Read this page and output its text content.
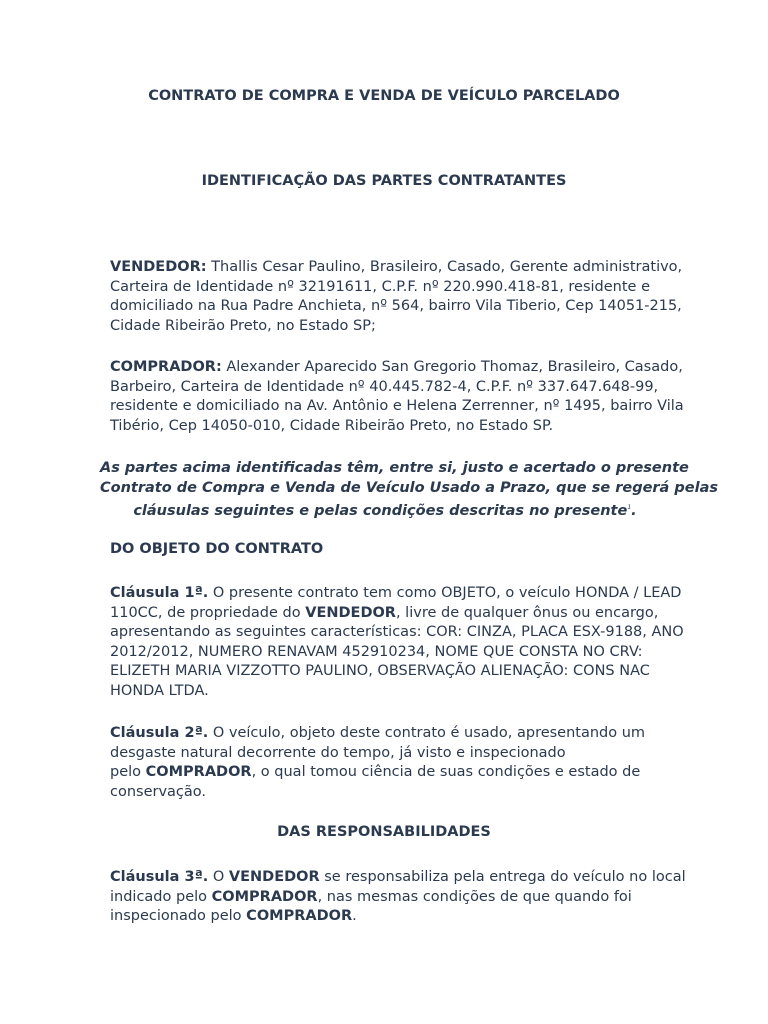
CONTRATO DE COMPRA E VENDA DE VEÍCULO PARCELADO
IDENTIFICAÇÃO DAS PARTES CONTRATANTES
VENDEDOR: Thallis Cesar Paulino, Brasileiro, Casado, Gerente administrativo,
Carteira de Identidade nº 32191611, C.P.F. nº 220.990.418-81, residente e
domiciliado na Rua Padre Anchieta, nº 564, bairro Vila Tiberio, Cep 14051-215,
Cidade Ribeirão Preto, no Estado SP;
COMPRADOR: Alexander Aparecido San Gregorio Thomaz, Brasileiro, Casado,
Barbeiro, Carteira de Identidade nº 40.445.782-4, C.P.F. nº 337.647.648-99,
residente e domiciliado na Av. Antônio e Helena Zerrenner, nº 1495, bairro Vila
Tibério, Cep 14050-010, Cidade Ribeirão Preto, no Estado SP.
As partes acima identificadas têm, entre si, justo e acertado o presente
Contrato de Compra e Venda de Veículo Usado a Prazo, que se regerá pelas
cláusulas seguintes e pelas condições descritas no presente$^1$.
DO OBJETO DO CONTRATO
Cláusula 1ª. O presente contrato tem como OBJETO, o veículo HONDA / LEAD
110CC, de propriedade do VENDEDOR, livre de qualquer ônus ou encargo,
apresentando as seguintes características: COR: CINZA, PLACA ESX-9188, ANO
2012/2012, NUMERO RENAVAM 452910234, NOME QUE CONSTA NO CRV:
ELIZETH MARIA VIZZOTTO PAULINO, OBSERVAÇÃO ALIENAÇÃO: CONS NAC
HONDA LTDA.
Cláusula 2ª. O veículo, objeto deste contrato é usado, apresentando um
desgaste natural decorrente do tempo, já visto e inspecionado
pelo COMPRADOR, o qual tomou ciência de suas condições e estado de
conservação.
DAS RESPONSABILIDADES
Cláusula 3ª. O VENDEDOR se responsabiliza pela entrega do veículo no local
indicado pelo COMPRADOR, nas mesmas condições de que quando foi
inspecionado pelo COMPRADOR.
